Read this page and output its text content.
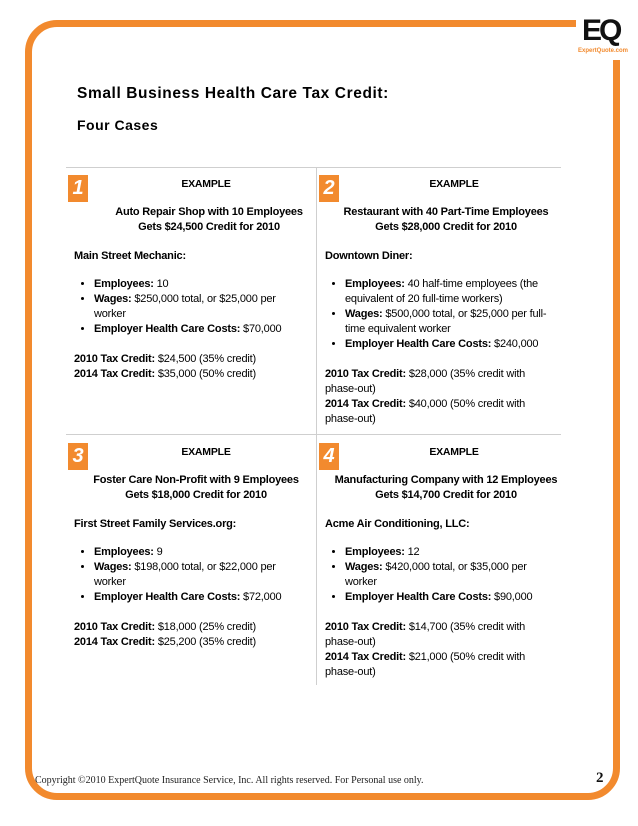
EQ
ExpertQuote.com
Small Business Health Care Tax Credit:
Four Cases
1	EXAMPLE
Auto Repair Shop with 10 Employees Gets $24,500 Credit for 2010
Main Street Mechanic:
• Employees: 10
• Wages: $250,000 total, or $25,000 per worker
• Employer Health Care Costs: $70,000
2010 Tax Credit: $24,500 (35% credit)
2014 Tax Credit: $35,000 (50% credit)
2	EXAMPLE
Restaurant with 40 Part-Time Employees Gets $28,000 Credit for 2010
Downtown Diner:
• Employees: 40 half-time employees (the equivalent of 20 full-time workers)
• Wages: $500,000 total, or $25,000 per full-time equivalent worker
• Employer Health Care Costs: $240,000
2010 Tax Credit: $28,000 (35% credit with phase-out)
2014 Tax Credit: $40,000 (50% credit with phase-out)
3	EXAMPLE
Foster Care Non-Profit with 9 Employees Gets $18,000 Credit for 2010
First Street Family Services.org:
• Employees: 9
• Wages: $198,000 total, or $22,000 per worker
• Employer Health Care Costs: $72,000
2010 Tax Credit: $18,000 (25% credit)
2014 Tax Credit: $25,200 (35% credit)
4	EXAMPLE
Manufacturing Company with 12 Employees Gets $14,700 Credit for 2010
Acme Air Conditioning, LLC:
• Employees: 12
• Wages: $420,000 total, or $35,000 per worker
• Employer Health Care Costs: $90,000
2010 Tax Credit: $14,700 (35% credit with phase-out)
2014 Tax Credit: $21,000 (50% credit with phase-out)
Copyright ©2010 ExpertQuote Insurance Service, Inc. All rights reserved. For Personal use only.	2
